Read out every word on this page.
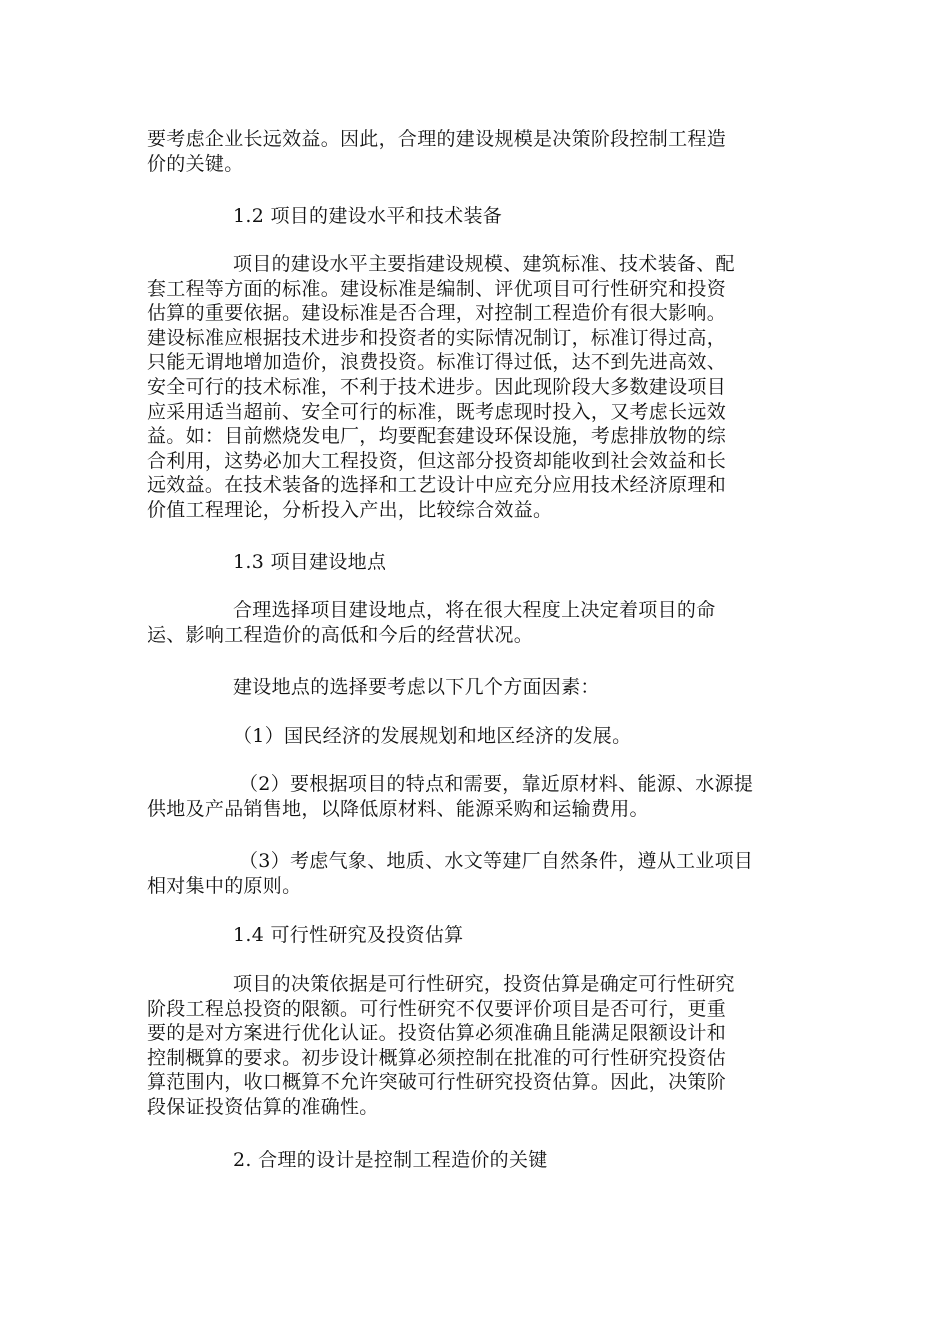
要考虑企业长远效益。因此，合理的建设规模是决策阶段控制工程造
价的关键。

1.2 项目的建设水平和技术装备

项目的建设水平主要指建设规模、建筑标准、技术装备、配
套工程等方面的标准。建设标准是编制、评优项目可行性研究和投资
估算的重要依据。建设标准是否合理，对控制工程造价有很大影响。
建设标准应根据技术进步和投资者的实际情况制订，标准订得过高，
只能无谓地增加造价，浪费投资。标准订得过低，达不到先进高效、
安全可行的技术标准，不利于技术进步。因此现阶段大多数建设项目
应采用适当超前、安全可行的标准，既考虑现时投入，又考虑长远效
益。如：目前燃烧发电厂，均要配套建设环保设施，考虑排放物的综
合利用，这势必加大工程投资，但这部分投资却能收到社会效益和长
远效益。在技术装备的选择和工艺设计中应充分应用技术经济原理和
价值工程理论，分析投入产出，比较综合效益。

1.3 项目建设地点

合理选择项目建设地点，将在很大程度上决定着项目的命
运、影响工程造价的高低和今后的经营状况。

建设地点的选择要考虑以下几个方面因素：

（1）国民经济的发展规划和地区经济的发展。

（2）要根据项目的特点和需要，靠近原材料、能源、水源提
供地及产品销售地，以降低原材料、能源采购和运输费用。

（3）考虑气象、地质、水文等建厂自然条件，遵从工业项目
相对集中的原则。

1.4 可行性研究及投资估算

项目的决策依据是可行性研究，投资估算是确定可行性研究
阶段工程总投资的限额。可行性研究不仅要评价项目是否可行，更重
要的是对方案进行优化认证。投资估算必须准确且能满足限额设计和
控制概算的要求。初步设计概算必须控制在批准的可行性研究投资估
算范围内，收口概算不允许突破可行性研究投资估算。因此，决策阶
段保证投资估算的准确性。

2. 合理的设计是控制工程造价的关键
